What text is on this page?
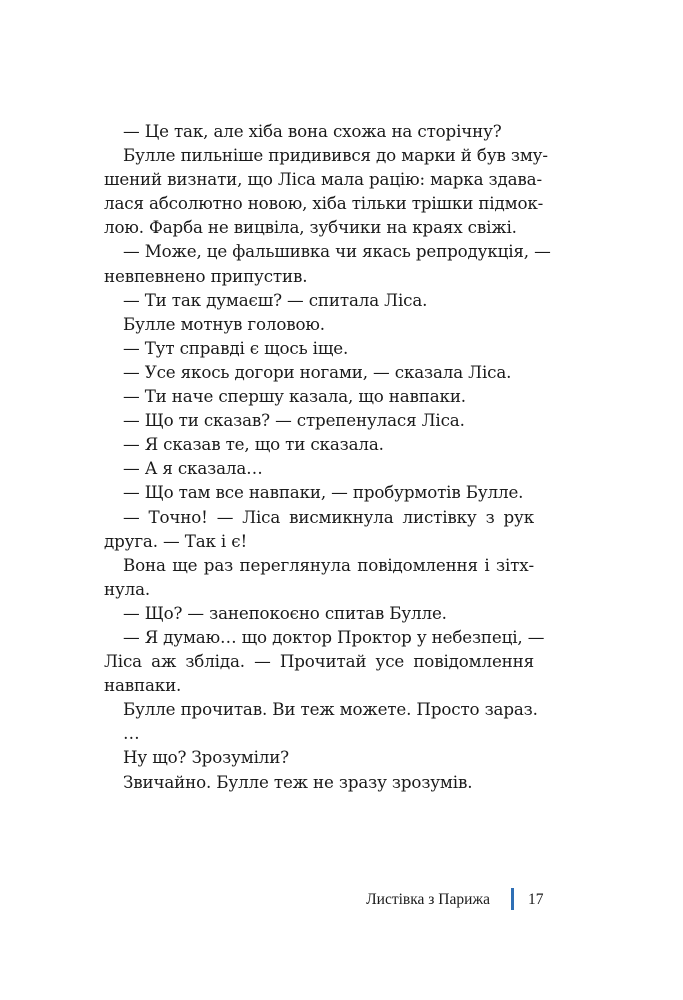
— Це так, але хіба вона схожа на сторічну?
Булле пильніше придивився до марки й був зму-
шений визнати, що Ліса мала рацію: марка здава-
лася абсолютно новою, хіба тільки трішки підмок-
лою. Фарба не вицвіла, зубчики на краях свіжі.
— Може, це фальшивка чи якась репродукція, —
невпевнено припустив.
— Ти так думаєш? — спитала Ліса.
Булле мотнув головою.
— Тут справді є щось іще.
— Усе якось догори ногами, — сказала Ліса.
— Ти наче спершу казала, що навпаки.
— Що ти сказав? — стрепенулася Ліса.
— Я сказав те, що ти сказала.
— А я сказала…
— Що там все навпаки, — пробурмотів Булле.
— Точно! — Ліса висмикнула листівку з рук
друга. — Так і є!
Вона ще раз переглянула повідомлення і зітх-
нула.
— Що? — занепокоєно спитав Булле.
— Я думаю… що доктор Проктор у небезпеці, —
Ліса аж збліда. — Прочитай усе повідомлення
навпаки.
Булле прочитав. Ви теж можете. Просто зараз.
…
Ну що? Зрозуміли?
Звичайно. Булле теж не зразу зрозумів.
Листівка з Парижа 17
